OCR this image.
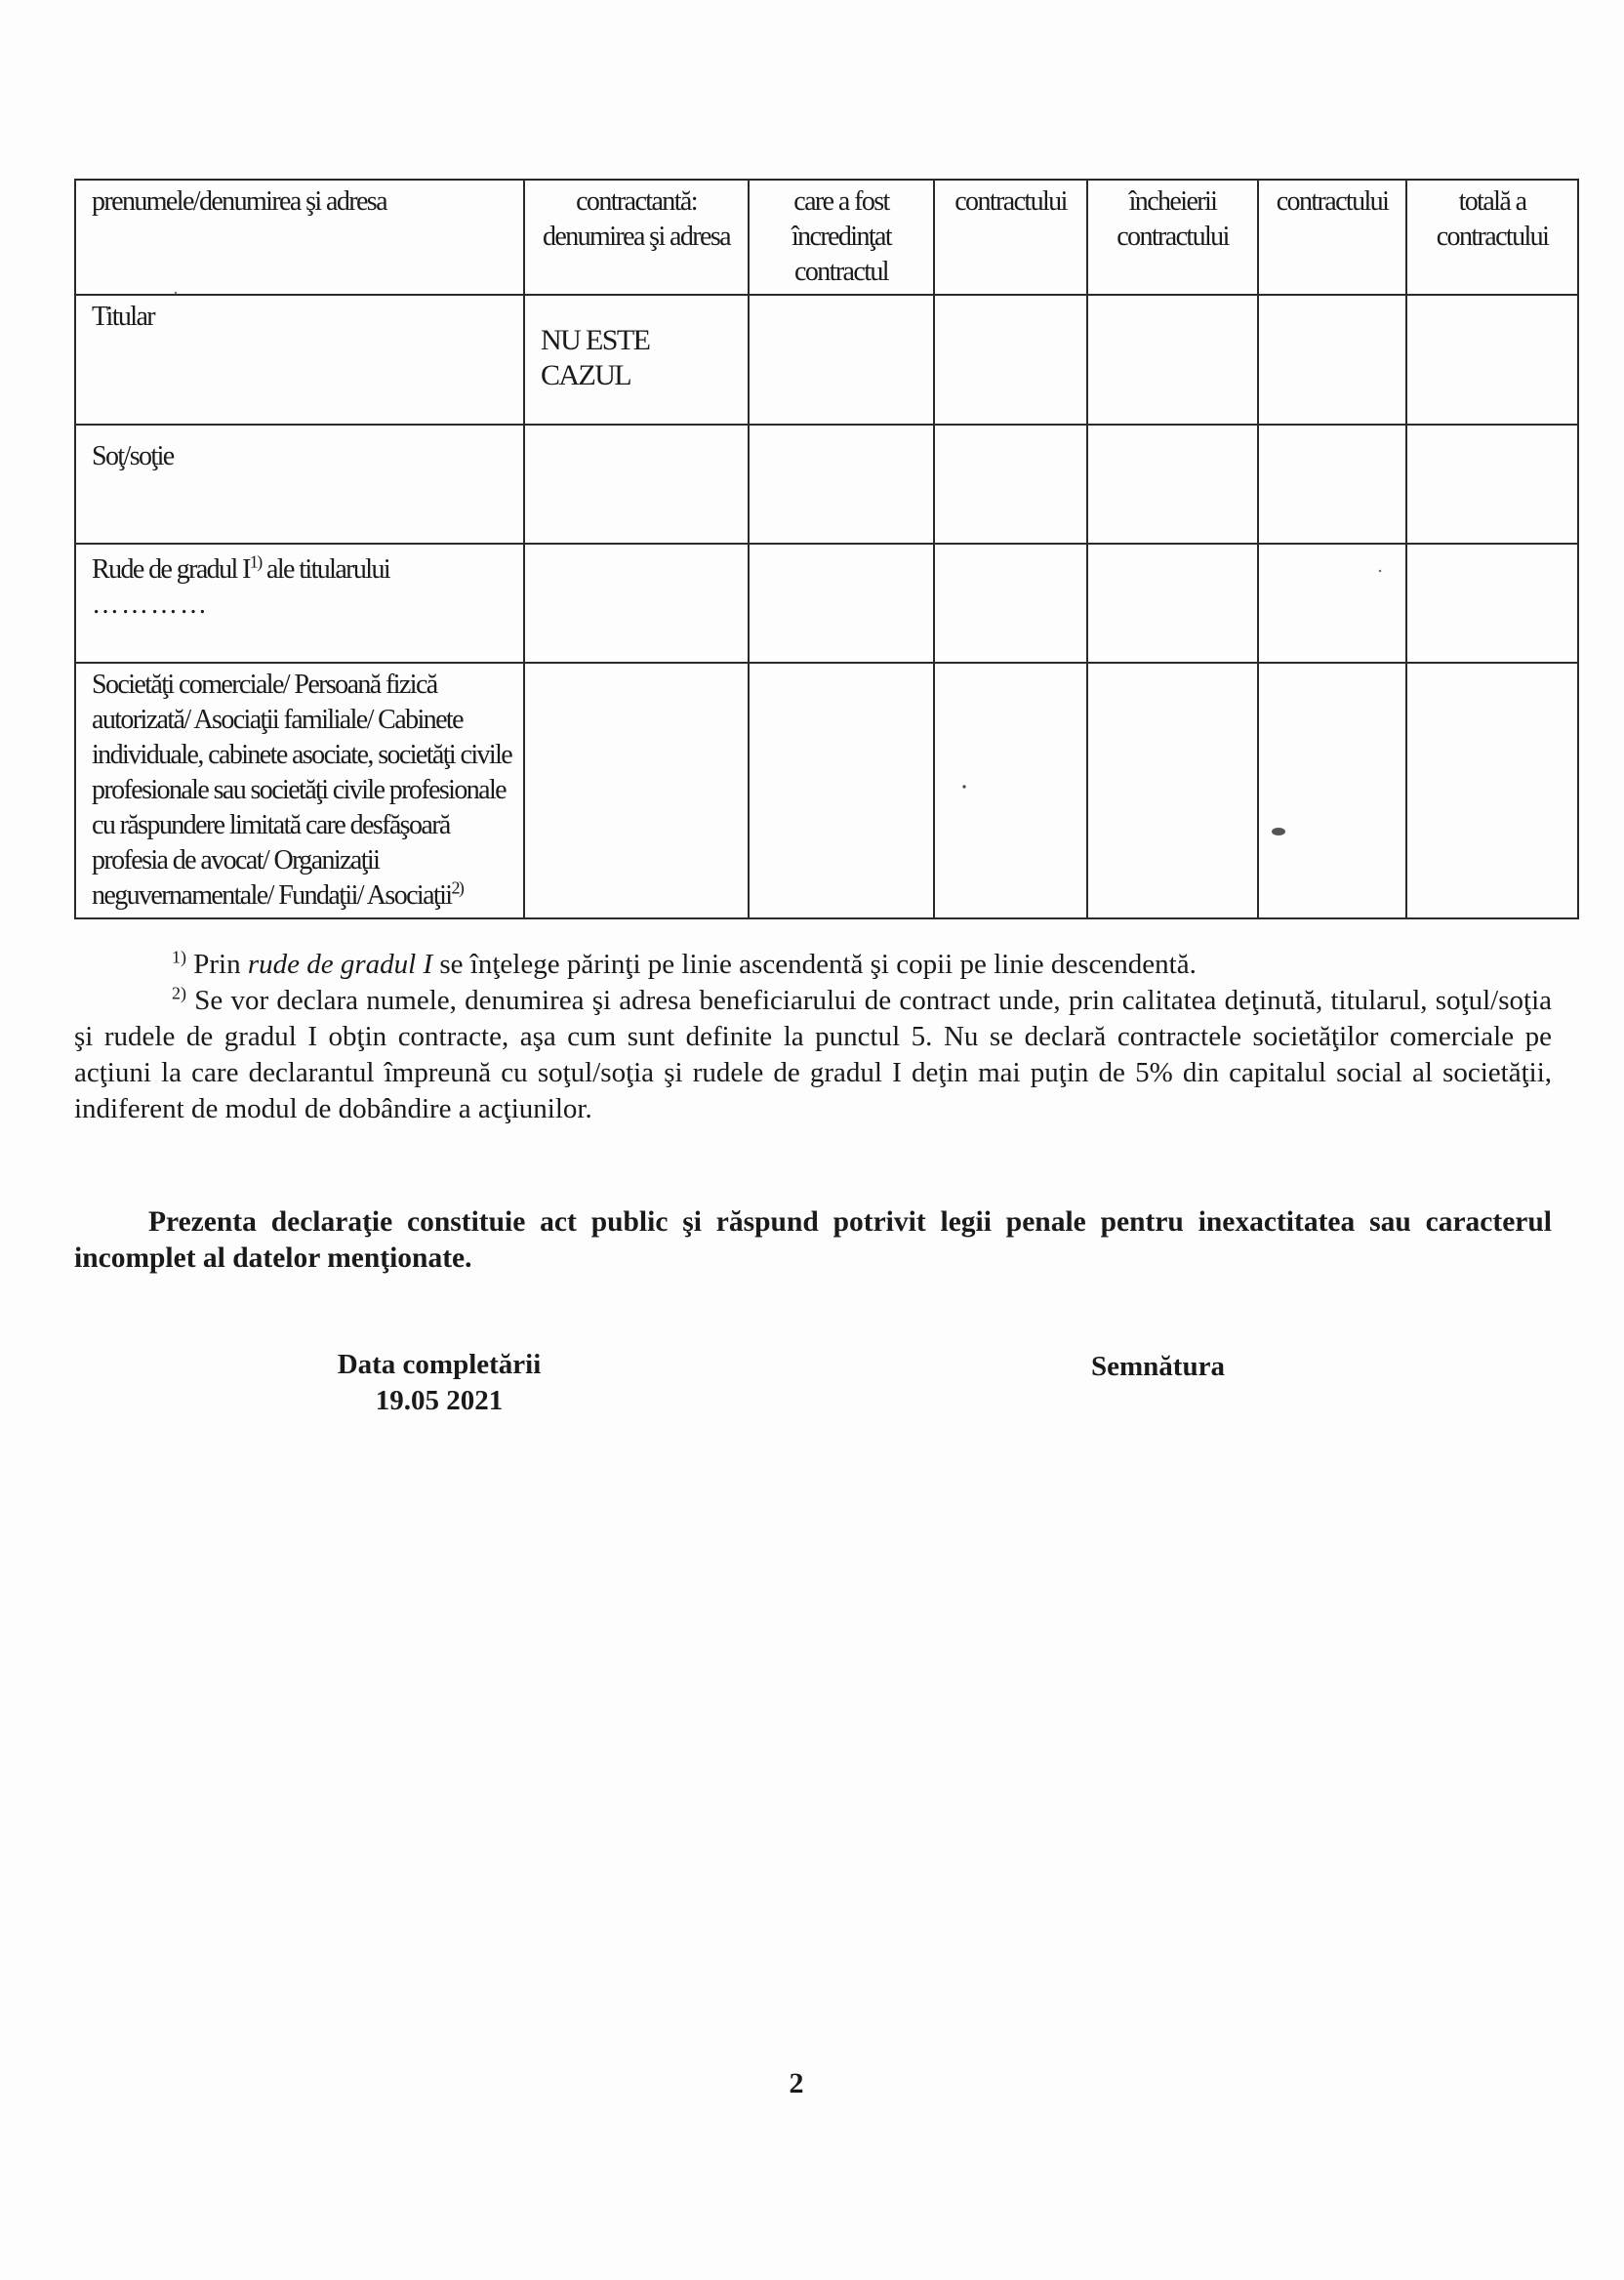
prenumele/denumirea şi adresa	contractantă: denumirea şi adresa	care a fost încredinţat contractul	contractului	încheierii contractului	contractului	totală a contractului
Titular	NU ESTE CAZUL					

Soţ/soţie						
Rude de gradul $I^{1)}$ ale titularului
…………						
Societăţi comerciale/ Persoană fizică autorizată/ Asociaţii familiale/ Cabinete individuale, cabinete asociate, societăţi civile profesionale sau societăţi civile profesionale cu răspundere limitată care desfăşoară profesia de avocat/ Organizaţii neguvernamentale/ Fundaţii/ Asociaţii$^{2)}$						

$^{1)}$ Prin rude de gradul I se înţelege părinţi pe linie ascendentă şi copii pe linie descendentă.

$^{2)}$ Se vor declara numele, denumirea şi adresa beneficiarului de contract unde, prin calitatea deţinută, titularul, soţul/soţia şi rudele de gradul I obţin contracte, aşa cum sunt definite la punctul 5. Nu se declară contractele societăţilor comerciale pe acţiuni la care declarantul împreună cu soţul/soţia şi rudele de gradul I deţin mai puţin de 5% din capitalul social al societăţii, indiferent de modul de dobândire a acţiunilor.

Prezenta declaraţie constituie act public şi răspund potrivit legii penale pentru inexactitatea sau caracterul incomplet al datelor menţionate.
Data completării
19.05 2021
Semnătura
2
